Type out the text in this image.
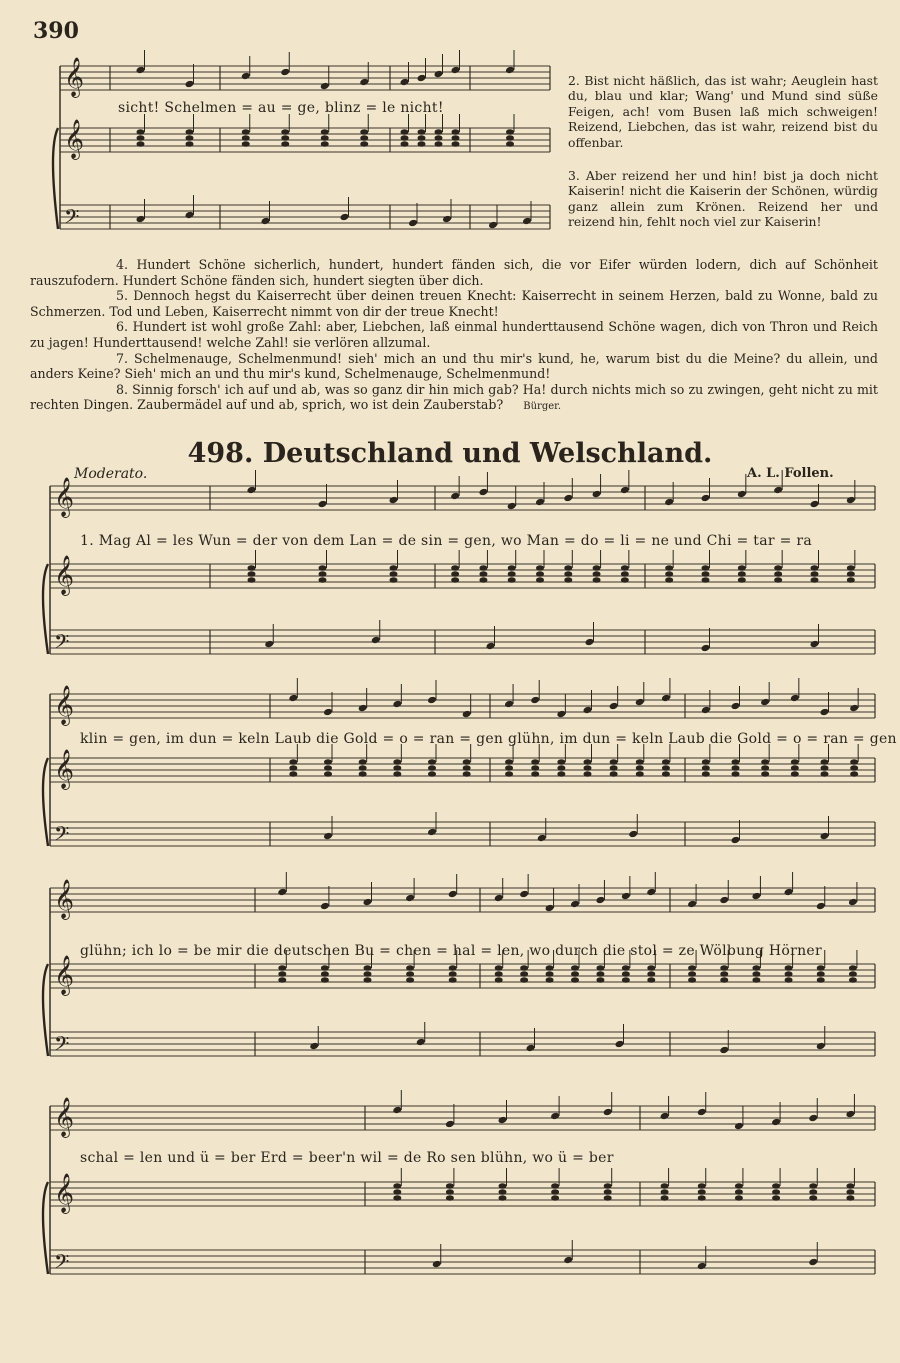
390
𝄞
𝄞
𝄢
sicht! Schelmen = au = ge, blinz = le nicht!
2. Bist nicht häßlich, das ist wahr; Aeuglein hast du, blau und klar; Wang' und Mund sind süße Feigen, ach! vom Busen laß mich schweigen! Reizend, Liebchen, das ist wahr, reizend bist du offenbar.
3. Aber reizend her und hin! bist ja doch nicht Kaiserin! nicht die Kaiserin der Schönen, würdig ganz allein zum Krönen. Reizend her und reizend hin, fehlt noch viel zur Kaiserin!

4. Hundert Schöne sicherlich, hundert, hundert fänden sich, die vor Eifer würden lodern, dich auf Schönheit rauszufodern. Hundert Schöne fänden sich, hundert siegten über dich.

5. Dennoch hegst du Kaiserrecht über deinen treuen Knecht: Kaiserrecht in seinem Herzen, bald zu Wonne, bald zu Schmerzen. Tod und Leben, Kaiserrecht nimmt von dir der treue Knecht!

6. Hundert ist wohl große Zahl: aber, Liebchen, laß einmal hunderttausend Schöne wagen, dich von Thron und Reich zu jagen! Hunderttausend! welche Zahl! sie verlören allzumal.

7. Schelmenauge, Schelmenmund! sieh' mich an und thu mir's kund, he, warum bist du die Meine? du allein, und anders Keine? Sieh' mich an und thu mir's kund, Schelmenauge, Schelmenmund!

8. Sinnig forsch' ich auf und ab, was so ganz dir hin mich gab? Ha! durch nichts mich so zu zwingen, geht nicht zu mit rechten Dingen. Zaubermädel auf und ab, sprich, wo ist dein Zauberstab? Bürger.

498. Deutschland und Welschland.
Moderato.	A. L. Follen.
𝄞
𝄞
𝄢
1. Mag Al = les Wun = der von dem Lan = de sin = gen, wo Man = do = li = ne und Chi = tar = ra
𝄞
𝄞
𝄢
klin = gen, im dun = keln Laub die Gold = o = ran = gen glühn, im dun = keln Laub die Gold = o = ran = gen
𝄞
𝄞
𝄢
glühn; ich lo = be mir die deutschen Bu = chen = hal = len, wo durch die stol = ze Wölbung Hörner
𝄞
𝄞
𝄢
schal = len und ü = ber Erd = beer'n wil = de Ro sen blühn, wo ü = ber
